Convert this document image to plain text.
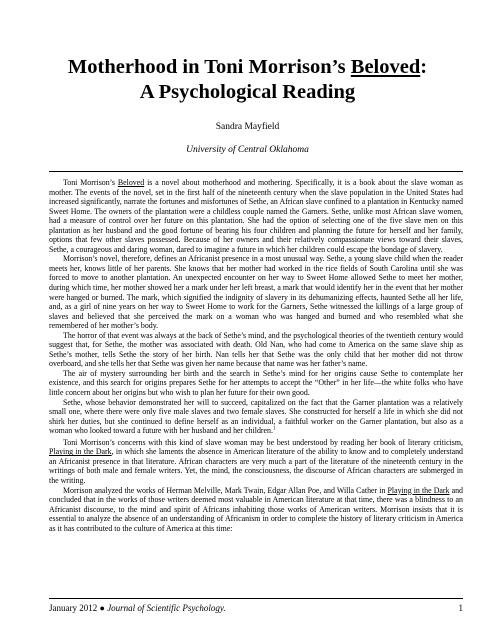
Motherhood in Toni Morrison’s Beloved:
A Psychological Reading
Sandra Mayfield
University of Central Oklahoma

Toni Morrison’s Beloved is a novel about motherhood and mothering. Specifically, it is a book about the slave woman as mother. The events of the novel, set in the first half of the nineteenth century when the slave population in the United States had increased significantly, narrate the fortunes and misfortunes of Sethe, an African slave confined to a plantation in Kentucky named Sweet Home. The owners of the plantation were a childless couple named the Garners. Sethe, unlike most African slave women, had a measure of control over her future on this plantation. She had the option of selecting one of the five slave men on this plantation as her husband and the good fortune of bearing his four children and planning the future for herself and her family, options that few other slaves possessed. Because of her owners and their relatively compassionate views toward their slaves, Sethe, a courageous and daring woman, dared to imagine a future in which her children could escape the bondage of slavery.

Morrison’s novel, therefore, defines an Africanist presence in a most unusual way. Sethe, a young slave child when the reader meets her, knows little of her parents. She knows that her mother had worked in the rice fields of South Carolina until she was forced to move to another plantation. An unexpected encounter on her way to Sweet Home allowed Sethe to meet her mother, during which time, her mother showed her a mark under her left breast, a mark that would identify her in the event that her mother were hanged or burned. The mark, which signified the indignity of slavery in its dehumanizing effects, haunted Sethe all her life, and, as a girl of nine years on her way to Sweet Home to work for the Garners, Sethe witnessed the killings of a large group of slaves and believed that she perceived the mark on a woman who was hanged and burned and who resembled what she remembered of her mother’s body.

The horror of that event was always at the back of Sethe’s mind, and the psychological theories of the twentieth century would suggest that, for Sethe, the mother was associated with death. Old Nan, who had come to America on the same slave ship as Sethe’s mother, tells Sethe the story of her birth. Nan tells her that Sethe was the only child that her mother did not throw overboard, and she tells her that Sethe was given her name because that name was her father’s name.

The air of mystery surrounding her birth and the search in Sethe’s mind for her origins cause Sethe to contemplate her existence, and this search for origins prepares Sethe for her attempts to accept the “Other” in her life—the white folks who have little concern about her origins but who wish to plan her future for their own good.

Sethe, whose behavior demonstrated her will to succeed, capitalized on the fact that the Garner plantation was a relatively small one, where there were only five male slaves and two female slaves. She constructed for herself a life in which she did not shirk her duties, but she continued to define herself as an individual, a faithful worker on the Garner plantation, but also as a woman who looked toward a future with her husband and her children.$^1$

Toni Morrison’s concerns with this kind of slave woman may be best understood by reading her book of literary criticism, Playing in the Dark, in which she laments the absence in American literature of the ability to know and to completely understand an Africanist presence in that literature. African characters are very much a part of the literature of the nineteenth century in the writings of both male and female writers. Yet, the mind, the consciousness, the discourse of African characters are submerged in the writing.

Morrison analyzed the works of Herman Melville, Mark Twain, Edgar Allan Poe, and Willa Cather in Playing in the Dark and concluded that in the works of those writers deemed most valuable in American literature at that time, there was a blindness to an Africanist discourse, to the mind and spirit of Africans inhabiting those works of American writers. Morrison insists that it is essential to analyze the absence of an understanding of Africanism in order to complete the history of literary criticism in America as it has contributed to the culture of America at this time:

January 2012 ● Journal of Scientific Psychology.	1
